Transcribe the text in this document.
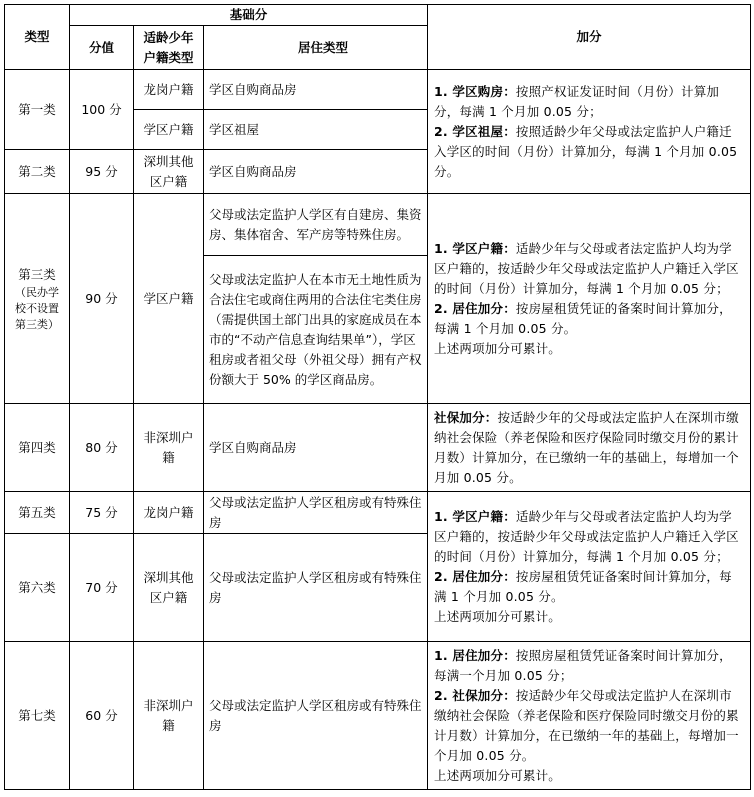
类型	基础分			加分
	分值	适龄少年户籍类型	居住类型	
第一类	100 分	龙岗户籍	学区自购商品房	1. 学区购房：按照产权证发证时间（月份）计算加分，每满 1 个月加 0.05 分；
2. 学区祖屋：按照适龄少年父母或法定监护人户籍迁入学区的时间（月份）计算加分，每满 1 个月加 0.05 分。

		学区户籍	学区祖屋	
第二类	95 分	深圳其他区户籍	学区自购商品房	

第三类
（民办学校不设置第三类）	90 分	学区户籍	父母或法定监护人学区有自建房、集资房、集体宿舍、军产房等特殊住房。	1. 学区户籍：适龄少年与父母或者法定监护人均为学区户籍的，按适龄少年父母或法定监护人户籍迁入学区的时间（月份）计算加分，每满 1 个月加 0.05 分；
2. 居住加分：按房屋租赁凭证的备案时间计算加分，每满 1 个月加 0.05 分。
上述两项加分可累计。

			父母或法定监护人在本市无土地性质为合法住宅或商住两用的合法住宅类住房（需提供国土部门出具的家庭成员在本市的“不动产信息查询结果单”），学区租房或者祖父母（外祖父母）拥有产权份额大于 50% 的学区商品房。	
第四类	80 分	非深圳户籍	学区自购商品房	社保加分：按适龄少年的父母或法定监护人在深圳市缴纳社会保险（养老保险和医疗保险同时缴交月份的累计月数）计算加分，在已缴纳一年的基础上，每增加一个月加 0.05 分。

第五类	75 分	龙岗户籍	父母或法定监护人学区租房或有特殊住房	1. 学区户籍：适龄少年与父母或者法定监护人均为学区户籍的，按适龄少年父母或法定监护人户籍迁入学区的时间（月份）计算加分，每满 1 个月加 0.05 分；
2. 居住加分：按房屋租赁凭证备案时间计算加分，每满 1 个月加 0.05 分。
上述两项加分可累计。

第六类	70 分	深圳其他区户籍	父母或法定监护人学区租房或有特殊住房	
第七类	60 分	非深圳户籍	父母或法定监护人学区租房或有特殊住房	1. 居住加分：按照房屋租赁凭证备案时间计算加分，每满一个月加 0.05 分；
2. 社保加分：按适龄少年父母或法定监护人在深圳市缴纳社会保险（养老保险和医疗保险同时缴交月份的累计月数）计算加分，在已缴纳一年的基础上，每增加一个月加 0.05 分。
上述两项加分可累计。
